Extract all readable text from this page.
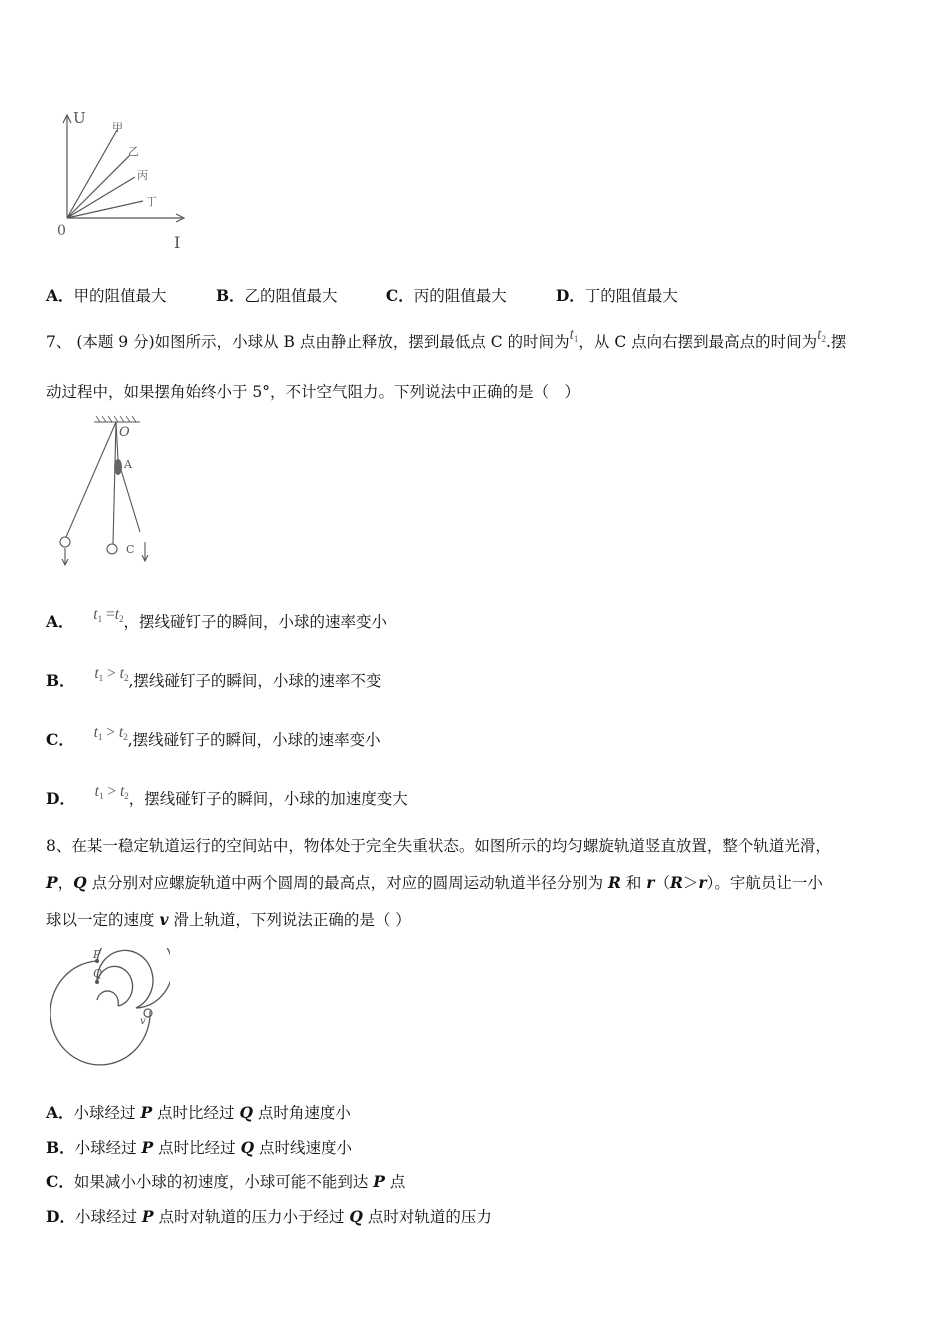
U
I
0
甲
乙
丙
丁
A．甲的阻值最大	B．乙的阻值最大	C．丙的阻值最大	D．丁的阻值最大
7、 (本题 9 分)如图所示，小球从 B 点由静止释放，摆到最低点 C 的时间为$t_1$，从 C 点向右摆到最高点的时间为$t_2$.摆
动过程中，如果摆角始终小于 5°，不计空气阻力。下列说法中正确的是（　）
O
A
C
A． $t_1 =t_2$，摆线碰钉子的瞬间，小球的速率变小
B． $t_1 > t_2$,摆线碰钉子的瞬间，小球的速率不变
C． $t_1 > t_2$,摆线碰钉子的瞬间，小球的速率变小
D． $t_1 > t_2$，摆线碰钉子的瞬间，小球的加速度变大
8、在某一稳定轨道运行的空间站中，物体处于完全失重状态。如图所示的均匀螺旋轨道竖直放置，整个轨道光滑，
P，Q 点分别对应螺旋轨道中两个圆周的最高点，对应的圆周运动轨道半径分别为 R 和 r（R＞r）。宇航员让一小
球以一定的速度 v 滑上轨道，下列说法正确的是（ ）
P
Q
v
A．小球经过 P 点时比经过 Q 点时角速度小
B．小球经过 P 点时比经过 Q 点时线速度小
C．如果减小小球的初速度，小球可能不能到达 P 点
D．小球经过 P 点时对轨道的压力小于经过 Q 点时对轨道的压力
